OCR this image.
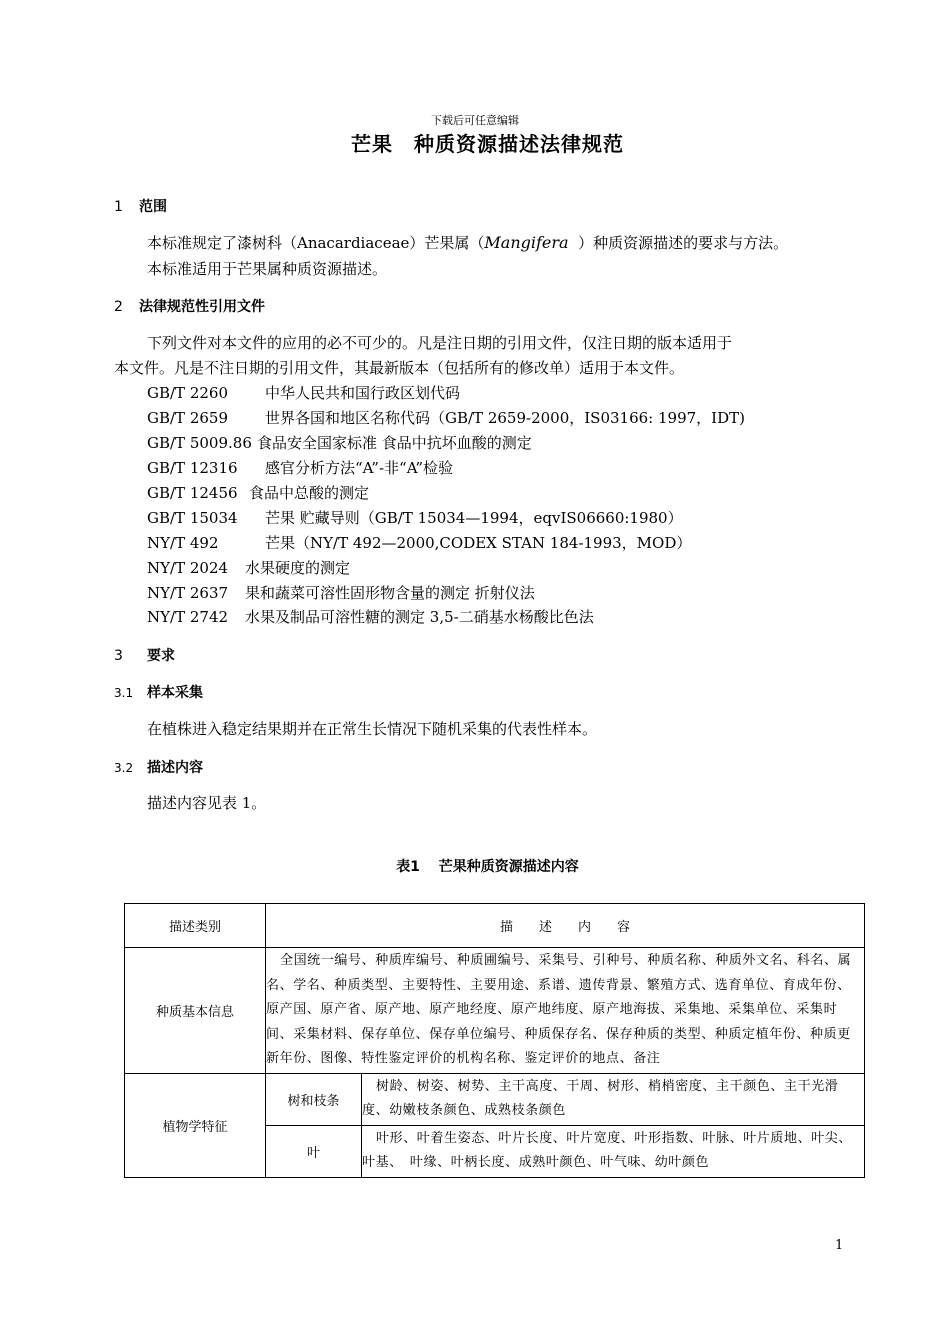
下载后可任意编辑
芒果　种质资源描述法律规范
1 范围
本标准规定了漆树科（Anacardiaceae）芒果属（Mangifera ）种质资源描述的要求与方法。
本标准适用于芒果属种质资源描述。
2 法律规范性引用文件
下列文件对本文件的应用的必不可少的。凡是注日期的引用文件，仅注日期的版本适用于
本文件。凡是不注日期的引用文件，其最新版本（包括所有的修改单）适用于本文件。
GB/T 2260 中华人民共和国行政区划代码
GB/T 2659 世界各国和地区名称代码（GB/T 2659-2000，IS03166: 1997，IDT)
GB/T 5009.86 食品安全国家标准 食品中抗坏血酸的测定
GB/T 12316 感官分析方法“A”-非“A”检验
GB/T 12456 食品中总酸的测定
GB/T 15034 芒果 贮藏导则（GB/T 15034—1994，eqvIS06660:1980）
NY/T 492	芒果（NY/T 492—2000,CODEX STAN 184-1993，MOD）
NY/T 2024 水果硬度的测定
NY/T 2637 果和蔬菜可溶性固形物含量的测定 折射仪法
NY/T 2742 水果及制品可溶性糖的测定 3,5-二硝基水杨酸比色法
3 要求
3.1 样本采集
在植株进入稳定结果期并在正常生长情况下随机采集的代表性样本。
3.2 描述内容
描述内容见表 1。
表1　 芒果种质资源描述内容
描述类别	描　　述　　内　　容	
种质基本信息	全国统一编号、种质库编号、种质圃编号、采集号、引种号、种质名称、种质外文名、科名、属名、学名、种质类型、主要特性、主要用途、系谱、遗传背景、繁殖方式、选育单位、育成年份、原产国、原产省、原产地、原产地经度、原产地纬度、原产地海拔、采集地、采集单位、采集时间、采集材料、保存单位、保存单位编号、种质保存名、保存种质的类型、种质定植年份、种质更新年份、图像、特性鉴定评价的机构名称、鉴定评价的地点、备注	
植物学特征	树和枝条	树龄、树姿、树势、主干高度、干周、树形、梢梢密度、主干颜色、主干光滑度、幼嫩枝条颜色、成熟枝条颜色
	叶	叶形、叶着生姿态、叶片长度、叶片宽度、叶形指数、叶脉、叶片质地、叶尖、叶基、　叶缘、叶柄长度、成熟叶颜色、叶气味、幼叶颜色
1
